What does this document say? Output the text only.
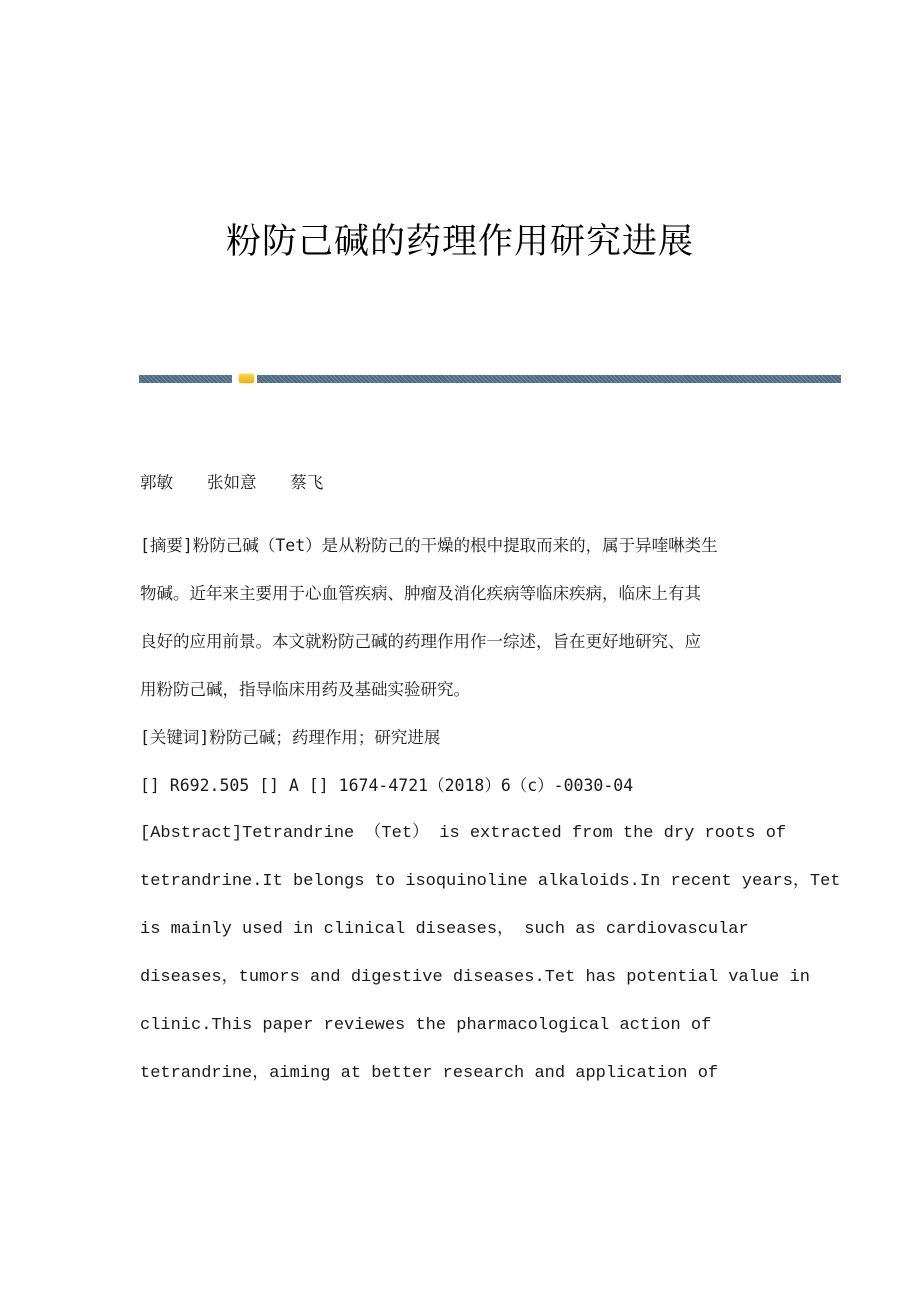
粉防己碱的药理作用研究进展
郭敏 张如意 蔡飞
[摘要]粉防己碱（Tet）是从粉防己的干燥的根中提取而来的，属于异喹啉类生
物碱。近年来主要用于心血管疾病、肿瘤及消化疾病等临床疾病，临床上有其
良好的应用前景。本文就粉防己碱的药理作用作一综述，旨在更好地研究、应
用粉防己碱，指导临床用药及基础实验研究。
[关键词]粉防己碱；药理作用；研究进展
[] R692.505 [] A [] 1674-4721（2018）6（c）-0030-04
[Abstract]Tetrandrine （Tet） is extracted from the dry roots of
tetrandrine.It belongs to isoquinoline alkaloids.In recent years，Tet
is mainly used in clinical diseases， such as cardiovascular
diseases，tumors and digestive diseases.Tet has potential value in
clinic.This paper reviewes the pharmacological action of
tetrandrine，aiming at better research and application of
